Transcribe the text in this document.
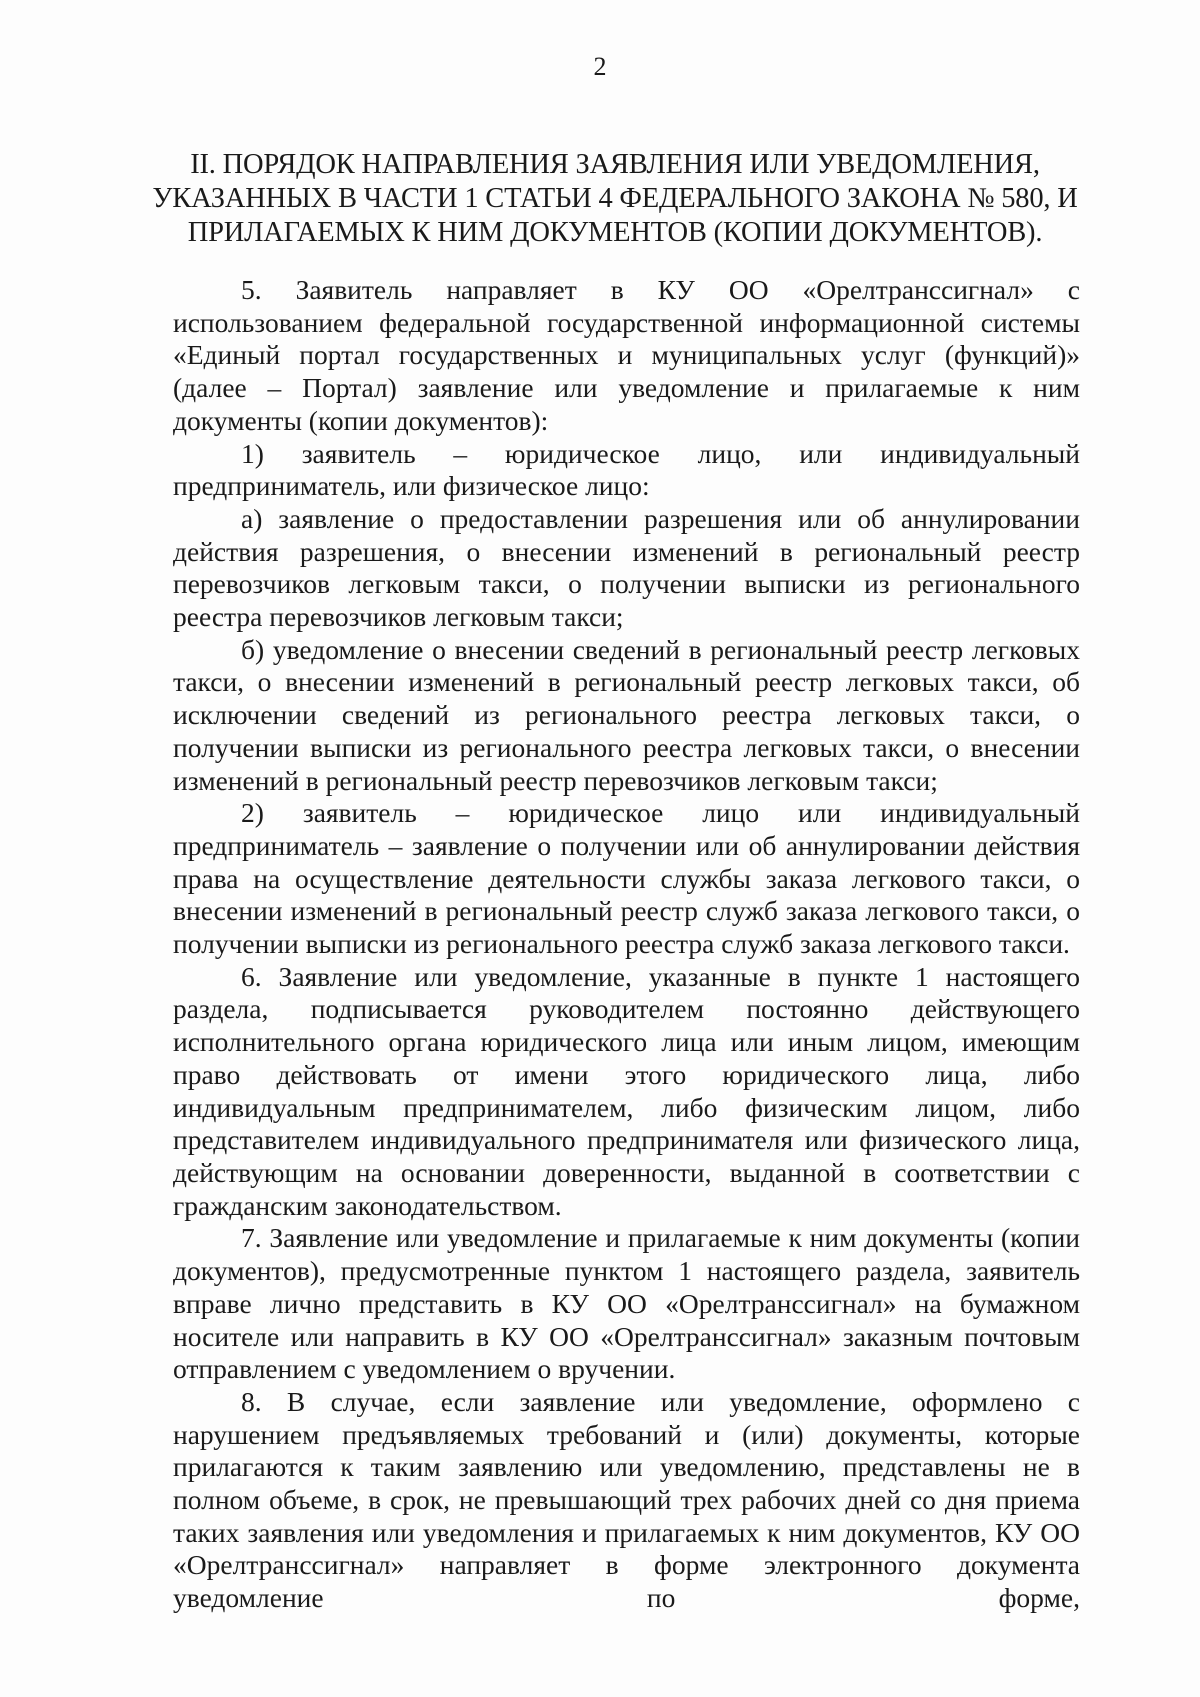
2
II. ПОРЯДОК НАПРАВЛЕНИЯ ЗАЯВЛЕНИЯ ИЛИ УВЕДОМЛЕНИЯ,
УКАЗАННЫХ В ЧАСТИ 1 СТАТЬИ 4 ФЕДЕРАЛЬНОГО ЗАКОНА № 580, И
ПРИЛАГАЕМЫХ К НИМ ДОКУМЕНТОВ (КОПИИ ДОКУМЕНТОВ).

5. Заявитель направляет в КУ ОО «Орелтранссигнал» с использованием федеральной государственной информационной системы «Единый портал государственных и муниципальных услуг (функций)» (далее – Портал) заявление или уведомление и прилагаемые к ним документы (копии документов):

1) заявитель – юридическое лицо, или индивидуальный предприниматель, или физическое лицо:

а) заявление о предоставлении разрешения или об аннулировании действия разрешения, о внесении изменений в региональный реестр перевозчиков легковым такси, о получении выписки из регионального реестра перевозчиков легковым такси;

б) уведомление о внесении сведений в региональный реестр легковых такси, о внесении изменений в региональный реестр легковых такси, об исключении сведений из регионального реестра легковых такси, о получении выписки из регионального реестра легковых такси, о внесении изменений в региональный реестр перевозчиков легковым такси;

2) заявитель – юридическое лицо или индивидуальный предприниматель – заявление о получении или об аннулировании действия права на осуществление деятельности службы заказа легкового такси, о внесении изменений в региональный реестр служб заказа легкового такси, о получении выписки из регионального реестра служб заказа легкового такси.

6. Заявление или уведомление, указанные в пункте 1 настоящего раздела, подписывается руководителем постоянно действующего исполнительного органа юридического лица или иным лицом, имеющим право действовать от имени этого юридического лица, либо индивидуальным предпринимателем, либо физическим лицом, либо представителем индивидуального предпринимателя или физического лица, действующим на основании доверенности, выданной в соответствии с гражданским законодательством.

7. Заявление или уведомление и прилагаемые к ним документы (копии документов), предусмотренные пунктом 1 настоящего раздела, заявитель вправе лично представить в КУ ОО «Орелтранссигнал» на бумажном носителе или направить в КУ ОО «Орелтранссигнал» заказным почтовым отправлением с уведомлением о вручении.

8. В случае, если заявление или уведомление, оформлено с нарушением предъявляемых требований и (или) документы, которые прилагаются к таким заявлению или уведомлению, представлены не в полном объеме, в срок, не превышающий трех рабочих дней со дня приема таких заявления или уведомления и прилагаемых к ним документов, КУ ОО «Орелтранссигнал» направляет в форме электронного документа уведомление по форме,
